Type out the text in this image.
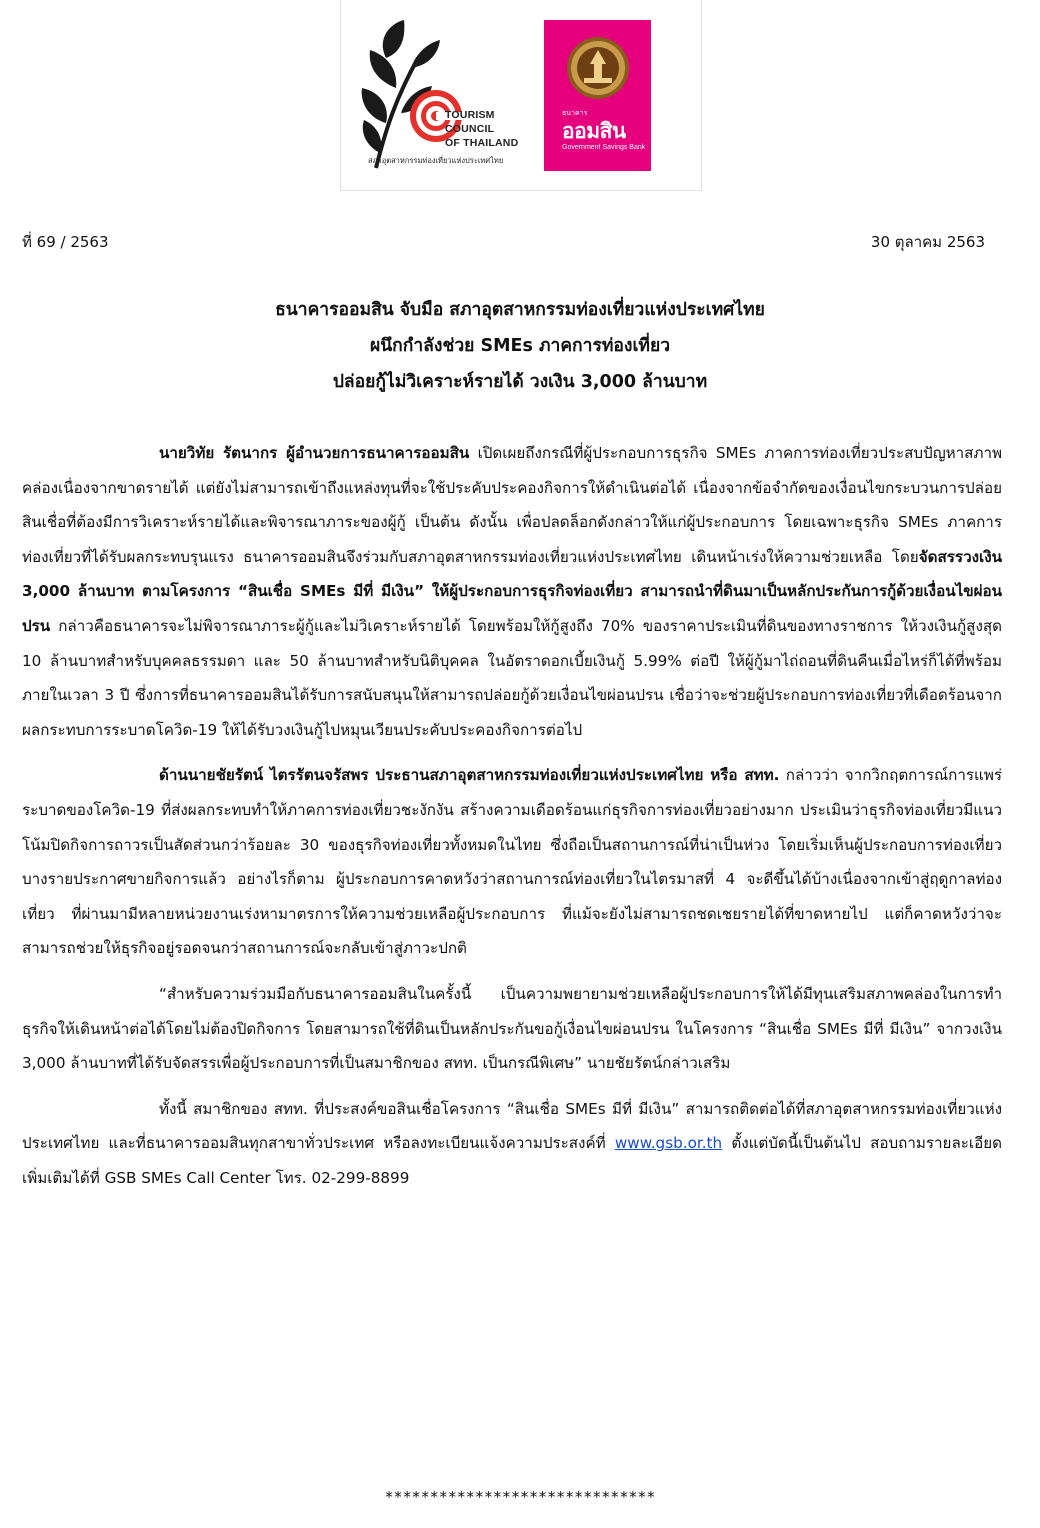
TOURISM
COUNCIL
OF THAILAND
สภาอุตสาหกรรมท่องเที่ยวแห่งประเทศไทย
ธนาคาร
ออมสิน
Government Savings Bank
ที่ 69 / 2563	30 ตุลาคม 2563
ธนาคารออมสิน จับมือ สภาอุตสาหกรรมท่องเที่ยวแห่งประเทศไทย
ผนึกกำลังช่วย SMEs ภาคการท่องเที่ยว
ปล่อยกู้ไม่วิเคราะห์รายได้ วงเงิน 3,000 ล้านบาท

นายวิทัย รัตนากร ผู้อำนวยการธนาคารออมสิน เปิดเผยถึงกรณีที่ผู้ประกอบการธุรกิจ SMEs ภาคการท่องเที่ยวประสบปัญหาสภาพคล่องเนื่องจากขาดรายได้ แต่ยังไม่สามารถเข้าถึงแหล่งทุนที่จะใช้ประคับประคองกิจการให้ดำเนินต่อได้ เนื่องจากข้อจำกัดของเงื่อนไขกระบวนการปล่อยสินเชื่อที่ต้องมีการวิเคราะห์รายได้และพิจารณาภาระของผู้กู้ เป็นต้น ดังนั้น เพื่อปลดล็อกดังกล่าวให้แก่ผู้ประกอบการ โดยเฉพาะธุรกิจ SMEs ภาคการท่องเที่ยวที่ได้รับผลกระทบรุนแรง ธนาคารออมสินจึงร่วมกับสภาอุตสาหกรรมท่องเที่ยวแห่งประเทศไทย เดินหน้าเร่งให้ความช่วยเหลือ โดยจัดสรรวงเงิน 3,000 ล้านบาท ตามโครงการ “สินเชื่อ SMEs มีที่ มีเงิน” ให้ผู้ประกอบการธุรกิจท่องเที่ยว สามารถนำที่ดินมาเป็นหลักประกันการกู้ด้วยเงื่อนไขผ่อนปรน กล่าวคือธนาคารจะไม่พิจารณาภาระผู้กู้และไม่วิเคราะห์รายได้ โดยพร้อมให้กู้สูงถึง 70% ของราคาประเมินที่ดินของทางราชการ ให้วงเงินกู้สูงสุด 10 ล้านบาทสำหรับบุคคลธรรมดา และ 50 ล้านบาทสำหรับนิติบุคคล ในอัตราดอกเบี้ยเงินกู้ 5.99% ต่อปี ให้ผู้กู้มาไถ่ถอนที่ดินคืนเมื่อไหร่ก็ได้ที่พร้อม ภายในเวลา 3 ปี ซึ่งการที่ธนาคารออมสินได้รับการสนับสนุนให้สามารถปล่อยกู้ด้วยเงื่อนไขผ่อนปรน เชื่อว่าจะช่วยผู้ประกอบการท่องเที่ยวที่เดือดร้อนจากผลกระทบการระบาดโควิด-19 ให้ได้รับวงเงินกู้ไปหมุนเวียนประคับประคองกิจการต่อไป

ด้านนายชัยรัตน์ ไตรรัตนจรัสพร ประธานสภาอุตสาหกรรมท่องเที่ยวแห่งประเทศไทย หรือ สทท. กล่าวว่า จากวิกฤตการณ์การแพร่ระบาดของโควิด-19 ที่ส่งผลกระทบทำให้ภาคการท่องเที่ยวชะงักงัน สร้างความเดือดร้อนแก่ธุรกิจการท่องเที่ยวอย่างมาก ประเมินว่าธุรกิจท่องเที่ยวมีแนวโน้มปิดกิจการถาวรเป็นสัดส่วนกว่าร้อยละ 30 ของธุรกิจท่องเที่ยวทั้งหมดในไทย ซึ่งถือเป็นสถานการณ์ที่น่าเป็นห่วง โดยเริ่มเห็นผู้ประกอบการท่องเที่ยวบางรายประกาศขายกิจการแล้ว อย่างไรก็ตาม ผู้ประกอบการคาดหวังว่าสถานการณ์ท่องเที่ยวในไตรมาสที่ 4 จะดีขึ้นได้บ้างเนื่องจากเข้าสู่ฤดูกาลท่องเที่ยว ที่ผ่านมามีหลายหน่วยงานเร่งหามาตรการให้ความช่วยเหลือผู้ประกอบการ ที่แม้จะยังไม่สามารถชดเชยรายได้ที่ขาดหายไป แต่ก็คาดหวังว่าจะสามารถช่วยให้ธุรกิจอยู่รอดจนกว่าสถานการณ์จะกลับเข้าสู่ภาวะปกติ

“สำหรับความร่วมมือกับธนาคารออมสินในครั้งนี้ เป็นความพยายามช่วยเหลือผู้ประกอบการให้ได้มีทุนเสริมสภาพคล่องในการทำธุรกิจให้เดินหน้าต่อได้โดยไม่ต้องปิดกิจการ โดยสามารถใช้ที่ดินเป็นหลักประกันขอกู้เงื่อนไขผ่อนปรน ในโครงการ “สินเชื่อ SMEs มีที่ มีเงิน” จากวงเงิน 3,000 ล้านบาทที่ได้รับจัดสรรเพื่อผู้ประกอบการที่เป็นสมาชิกของ สทท. เป็นกรณีพิเศษ” นายชัยรัตน์กล่าวเสริม

ทั้งนี้ สมาชิกของ สทท. ที่ประสงค์ขอสินเชื่อโครงการ “สินเชื่อ SMEs มีที่ มีเงิน” สามารถติดต่อได้ที่สภาอุตสาหกรรมท่องเที่ยวแห่งประเทศไทย และที่ธนาคารออมสินทุกสาขาทั่วประเทศ หรือลงทะเบียนแจ้งความประสงค์ที่ www.gsb.or.th ตั้งแต่บัดนี้เป็นต้นไป สอบถามรายละเอียดเพิ่มเติมได้ที่ GSB SMEs Call Center โทร. 02-299-8899

******************************
